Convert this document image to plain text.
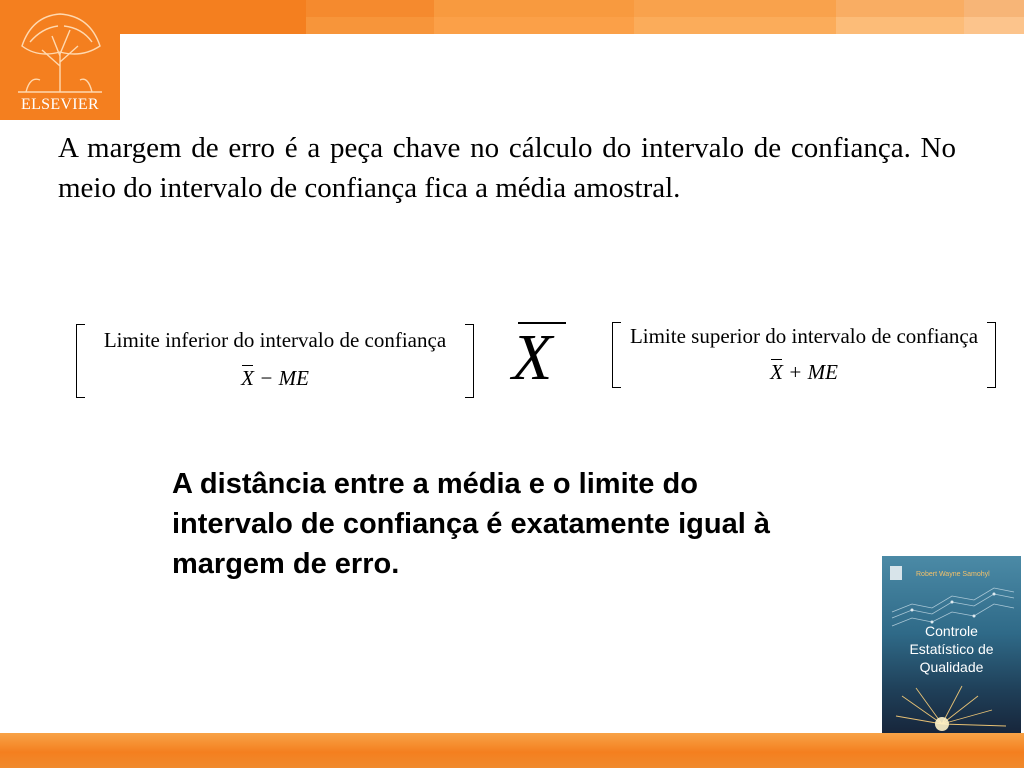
ELSEVIER

A margem de erro é a peça chave no cálculo do intervalo de confiança. No meio do intervalo de confiança fica a média amostral.

Limite inferior do intervalo de confiança
X − ME	X	Limite superior do intervalo de confiança
X + ME

A distância entre a média e o limite do intervalo de confiança é exatamente igual à margem de erro.	Robert Wayne Samohyl
Controle
Estatístico de
Qualidade
